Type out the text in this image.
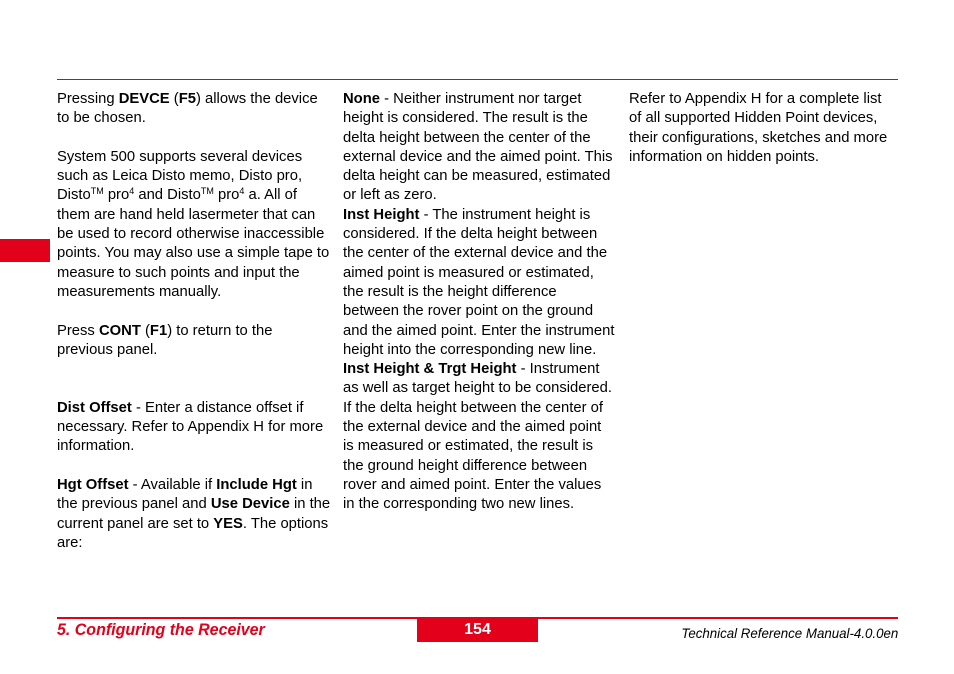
Pressing DEVCE (F5) allows the device to be chosen.

System 500 supports several devices such as Leica Disto memo, Disto pro, Disto™ pro$^4$ and Disto™ pro$^4$ a. All of them are hand held lasermeter that can be used to record otherwise inaccessible points. You may also use a simple tape to measure to such points and input the measurements manually.

Press CONT (F1) to return to the previous panel.

Dist Offset - Enter a distance offset if necessary. Refer to Appendix H for more information.

Hgt Offset - Available if Include Hgt in the previous panel and Use Device in the current panel are set to YES. The options are:

None - Neither instrument nor target height is considered. The result is the delta height between the center of the external device and the aimed point. This delta height can be measured, estimated or left as zero.

Inst Height - The instrument height is considered. If the delta height between the center of the external device and the aimed point is measured or estimated, the result is the height difference between the rover point on the ground and the aimed point. Enter the instrument height into the corresponding new line.

Inst Height & Trgt Height - Instrument as well as target height to be considered. If the delta height between the center of the external device and the aimed point is measured or estimated, the result is the ground height difference between rover and aimed point. Enter the values in the corresponding two new lines.

Refer to Appendix H for a complete list of all supported Hidden Point devices, their configurations, sketches and more information on hidden points.

5. Configuring the Receiver	154	Technical Reference Manual-4.0.0en
